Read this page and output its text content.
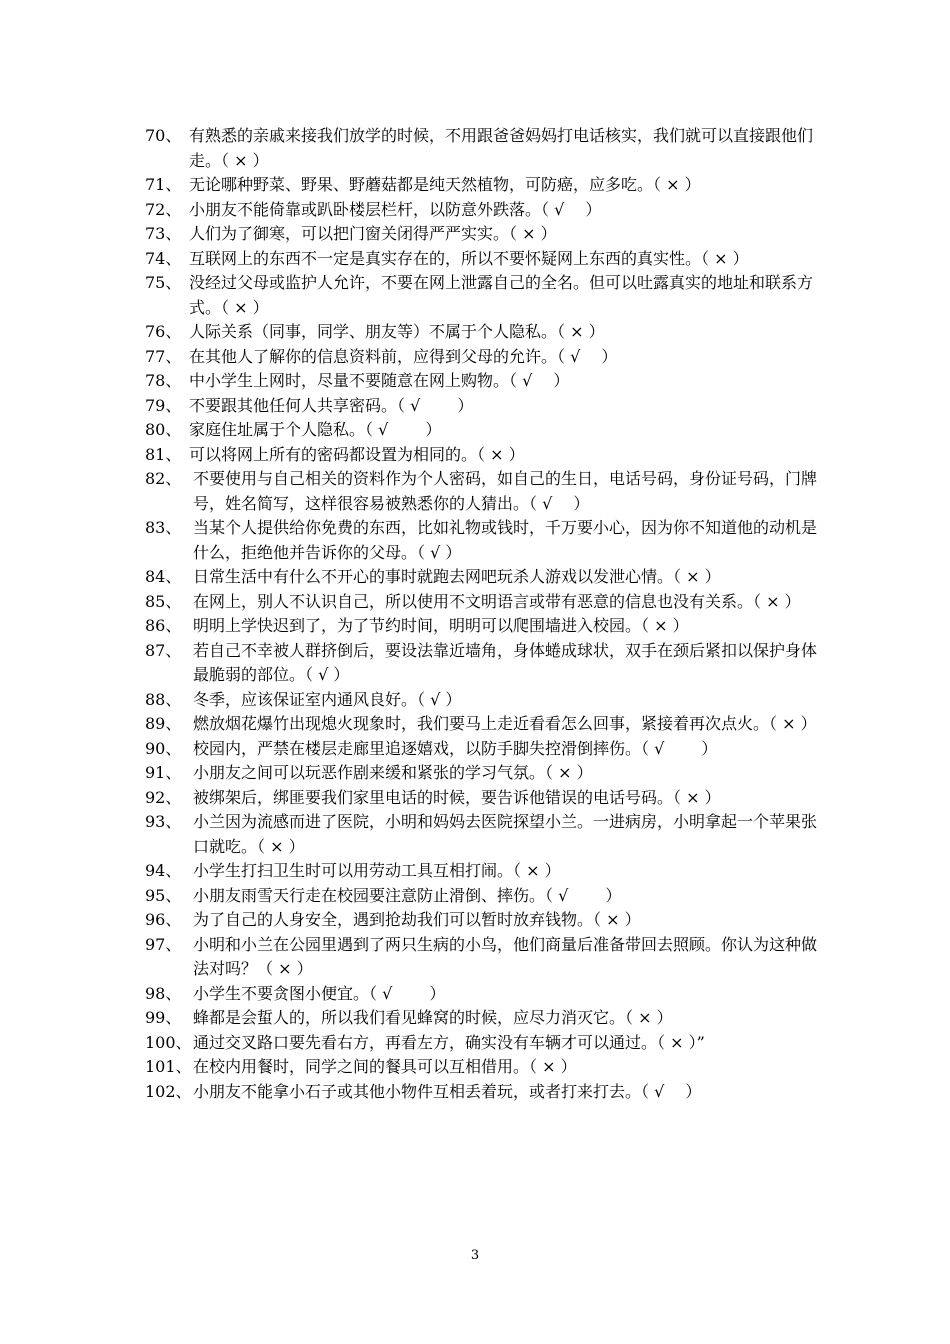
70、 有熟悉的亲戚来接我们放学的时候，不用跟爸爸妈妈打电话核实，我们就可以直接跟他们走。（ × ）
71、 无论哪种野菜、野果、野蘑菇都是纯天然植物，可防癌，应多吃。（ × ）
72、 小朋友不能倚靠或趴卧楼层栏杆，以防意外跌落。（ √　 ）
73、 人们为了御寒，可以把门窗关闭得严严实实。（ × ）
74、 互联网上的东西不一定是真实存在的，所以不要怀疑网上东西的真实性。（ × ）
75、 没经过父母或监护人允许，不要在网上泄露自己的全名。但可以吐露真实的地址和联系方式。（ × ）
76、 人际关系（同事，同学、朋友等）不属于个人隐私。（ × ）
77、 在其他人了解你的信息资料前，应得到父母的允许。（ √　 ）
78、 中小学生上网时，尽量不要随意在网上购物。（ √　 ）
79、 不要跟其他任何人共享密码。（ √　　 ）
80、 家庭住址属于个人隐私。（ √　　 ）
81、 可以将网上所有的密码都设置为相同的。（ × ）
82、 不要使用与自己相关的资料作为个人密码，如自己的生日，电话号码，身份证号码，门牌号，姓名简写，这样很容易被熟悉你的人猜出。（ √　 ）
83、 当某个人提供给你免费的东西，比如礼物或钱时，千万要小心，因为你不知道他的动机是什么，拒绝他并告诉你的父母。（ √ ）
84、 日常生活中有什么不开心的事时就跑去网吧玩杀人游戏以发泄心情。（ × ）
85、 在网上，别人不认识自己，所以使用不文明语言或带有恶意的信息也没有关系。（ × ）
86、 明明上学快迟到了，为了节约时间，明明可以爬围墙进入校园。（ × ）
87、 若自己不幸被人群挤倒后，要设法靠近墙角，身体蜷成球状，双手在颈后紧扣以保护身体最脆弱的部位。（ √ ）
88、 冬季，应该保证室内通风良好。（ √ ）
89、 燃放烟花爆竹出现熄火现象时，我们要马上走近看看怎么回事，紧接着再次点火。（ × ）
90、 校园内，严禁在楼层走廊里追逐嬉戏，以防手脚失控滑倒摔伤。（ √　　 ）
91、 小朋友之间可以玩恶作剧来缓和紧张的学习气氛。（ × ）
92、 被绑架后，绑匪要我们家里电话的时候，要告诉他错误的电话号码。（ × ）
93、 小兰因为流感而进了医院，小明和妈妈去医院探望小兰。一进病房，小明拿起一个苹果张口就吃。（ × ）
94、 小学生打扫卫生时可以用劳动工具互相打闹。（ × ）
95、 小朋友雨雪天行走在校园要注意防止滑倒、摔伤。（ √　　 ）
96、 为了自己的人身安全，遇到抢劫我们可以暂时放弃钱物。（ × ）
97、 小明和小兰在公园里遇到了两只生病的小鸟，他们商量后准备带回去照顾。你认为这种做法对吗？（ × ）
98、 小学生不要贪图小便宜。（ √　　 ）
99、 蜂都是会蜇人的，所以我们看见蜂窝的时候，应尽力消灭它。（ × ）
100、 通过交叉路口要先看右方，再看左方，确实没有车辆才可以通过。（ × ）”
101、 在校内用餐时，同学之间的餐具可以互相借用。（ × ）
102、 小朋友不能拿小石子或其他小物件互相丢着玩，或者打来打去。（ √　 ）
3
